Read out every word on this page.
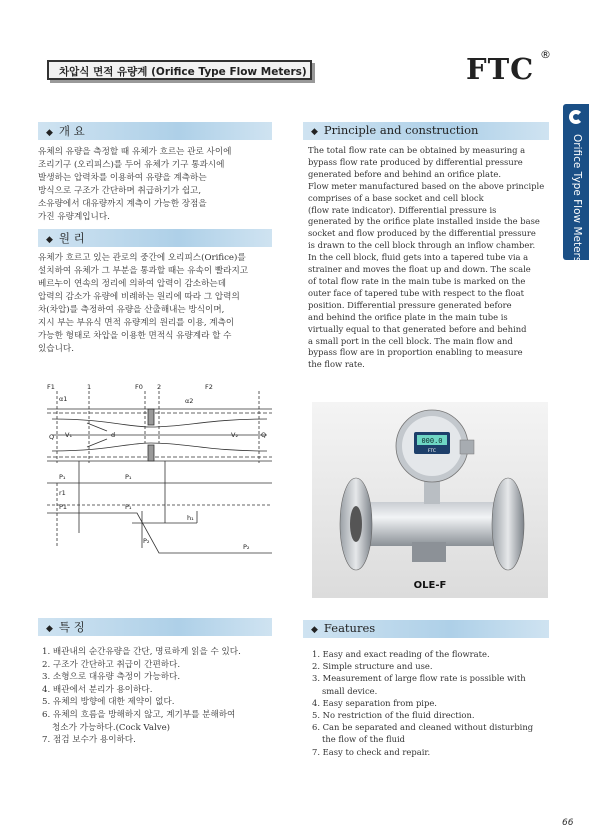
차압식 면적 유량계 (Orifice Type Flow Meters)	FTC ®
Orifice Type Flow Meters
◆ 개 요

유체의 유량을 측정할 때 유체가 흐르는 관로 사이에

조리기구 (오리피스)를 두어 유체가 기구 통과시에

발생하는 압력차를 이용하여 유량을 계측하는

방식으로 구조가 간단하며 취급하기가 쉽고,

소유량에서 대유량까지 계측이 가능한 장점을

가진 유량계입니다.

◆ 원 리

유체가 흐르고 있는 관로의 중간에 오리피스(Orifice)를

설치하여 유체가 그 부분을 통과할 때는 유속이 빨라지고

베르누이 연속의 정리에 의하여 압력이 감소하는데

압력의 감소가 유량에 비례하는 원리에 따라 그 압력의

차(차압)를 측정하여 유량을 산출해내는 방식이며,

지시 부는 부유식 면적 유량계의 원리를 이용, 계측이

가능한 형태로 차압을 이용한 면적식 유량계라 할 수

있습니다.

◆ Principle and construction

The total flow rate can be obtained by measuring a

bypass flow rate produced by differential pressure

generated before and behind an orifice plate.

Flow meter manufactured based on the above principle

comprises of a base socket and cell block

(flow rate indicator). Differential pressure is

generated by the orifice plate installed inside the base

socket and flow produced by the differential pressure

is drawn to the cell block through an inflow chamber.

In the cell block, fluid gets into a tapered tube via a

strainer and moves the float up and down. The scale

of total flow rate in the main tube is marked on the

outer face of tapered tube with respect to the float

position. Differential pressure generated before

and behind the orifice plate in the main tube is

virtually equal to that generated before and behind

a small port in the cell block. The main flow and

bypass flow are in proportion enabling to measure

the flow rate.

F1	1	F0 2	F2
α1	α2
Q V₁	d	V₂	Q
P₁	P₁
r1
P1	P₁
h₁
P₂
P₂
000.0
FTC
OLE-F
◆ 특 징
1. 배관내의 순간유량을 간단, 명료하게 읽을 수 있다.
2. 구조가 간단하고 취급이 간편하다.
3. 소형으로 대유량 측정이 가능하다.
4. 배관에서 분리가 용이하다.
5. 유체의 방향에 대한 제약이 없다.
6. 유체의 흐름을 방해하지 않고, 계기부를 분해하여
청소가 가능하다.(Cock Valve)
7. 점검 보수가 용이하다.
◆ Features
1. Easy and exact reading of the flowrate.
2. Simple structure and use.
3. Measurement of large flow rate is possible with
small device.
4. Easy separation from pipe.
5. No restriction of the fluid direction.
6. Can be separated and cleaned without disturbing
the flow of the fluid
7. Easy to check and repair.
66
